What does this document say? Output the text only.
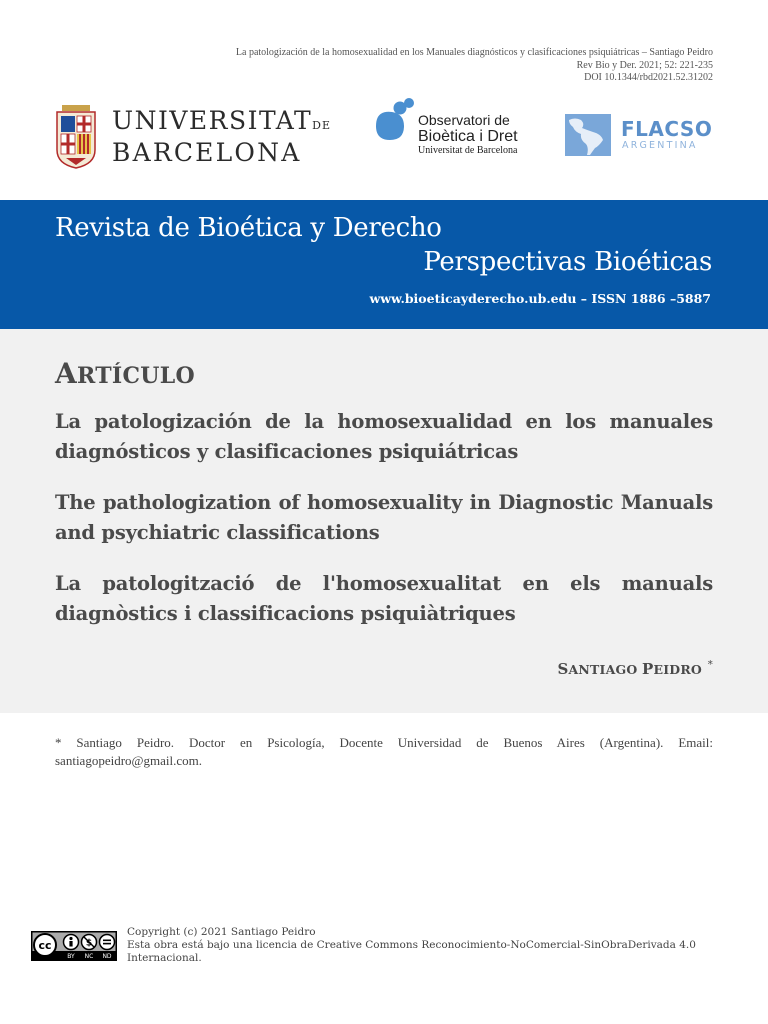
La patologización de la homosexualidad en los Manuales diagnósticos y clasificaciones psiquiátricas – Santiago Peidro
Rev Bio y Der. 2021; 52: 221-235
DOI 10.1344/rbd2021.52.31202
UNIVERSITATDE
BARCELONA
Observatori de
Bioètica i Dret
Universitat de Barcelona
FLACSO
ARGENTINA
Revista de Bioética y Derecho
Perspectivas Bioéticas
www.bioeticayderecho.ub.edu – ISSN 1886 –5887
ARTÍCULO
La patologización de la homosexualidad en los manuales diagnósticos y clasificaciones psiquiátricas
The pathologization of homosexuality in Diagnostic Manuals and psychiatric classifications
La patologització de l'homosexualitat en els manuals diagnòstics i classificacions psiquiàtriques
SANTIAGO PEIDRO *
* Santiago Peidro. Doctor en Psicología, Docente Universidad de Buenos Aires (Argentina). Email: santiagopeidro@gmail.com.
cc	$
BY NC ND
Copyright (c) 2021 Santiago Peidro
Esta obra está bajo una licencia de Creative Commons Reconocimiento-NoComercial-SinObraDerivada 4.0
Internacional.
